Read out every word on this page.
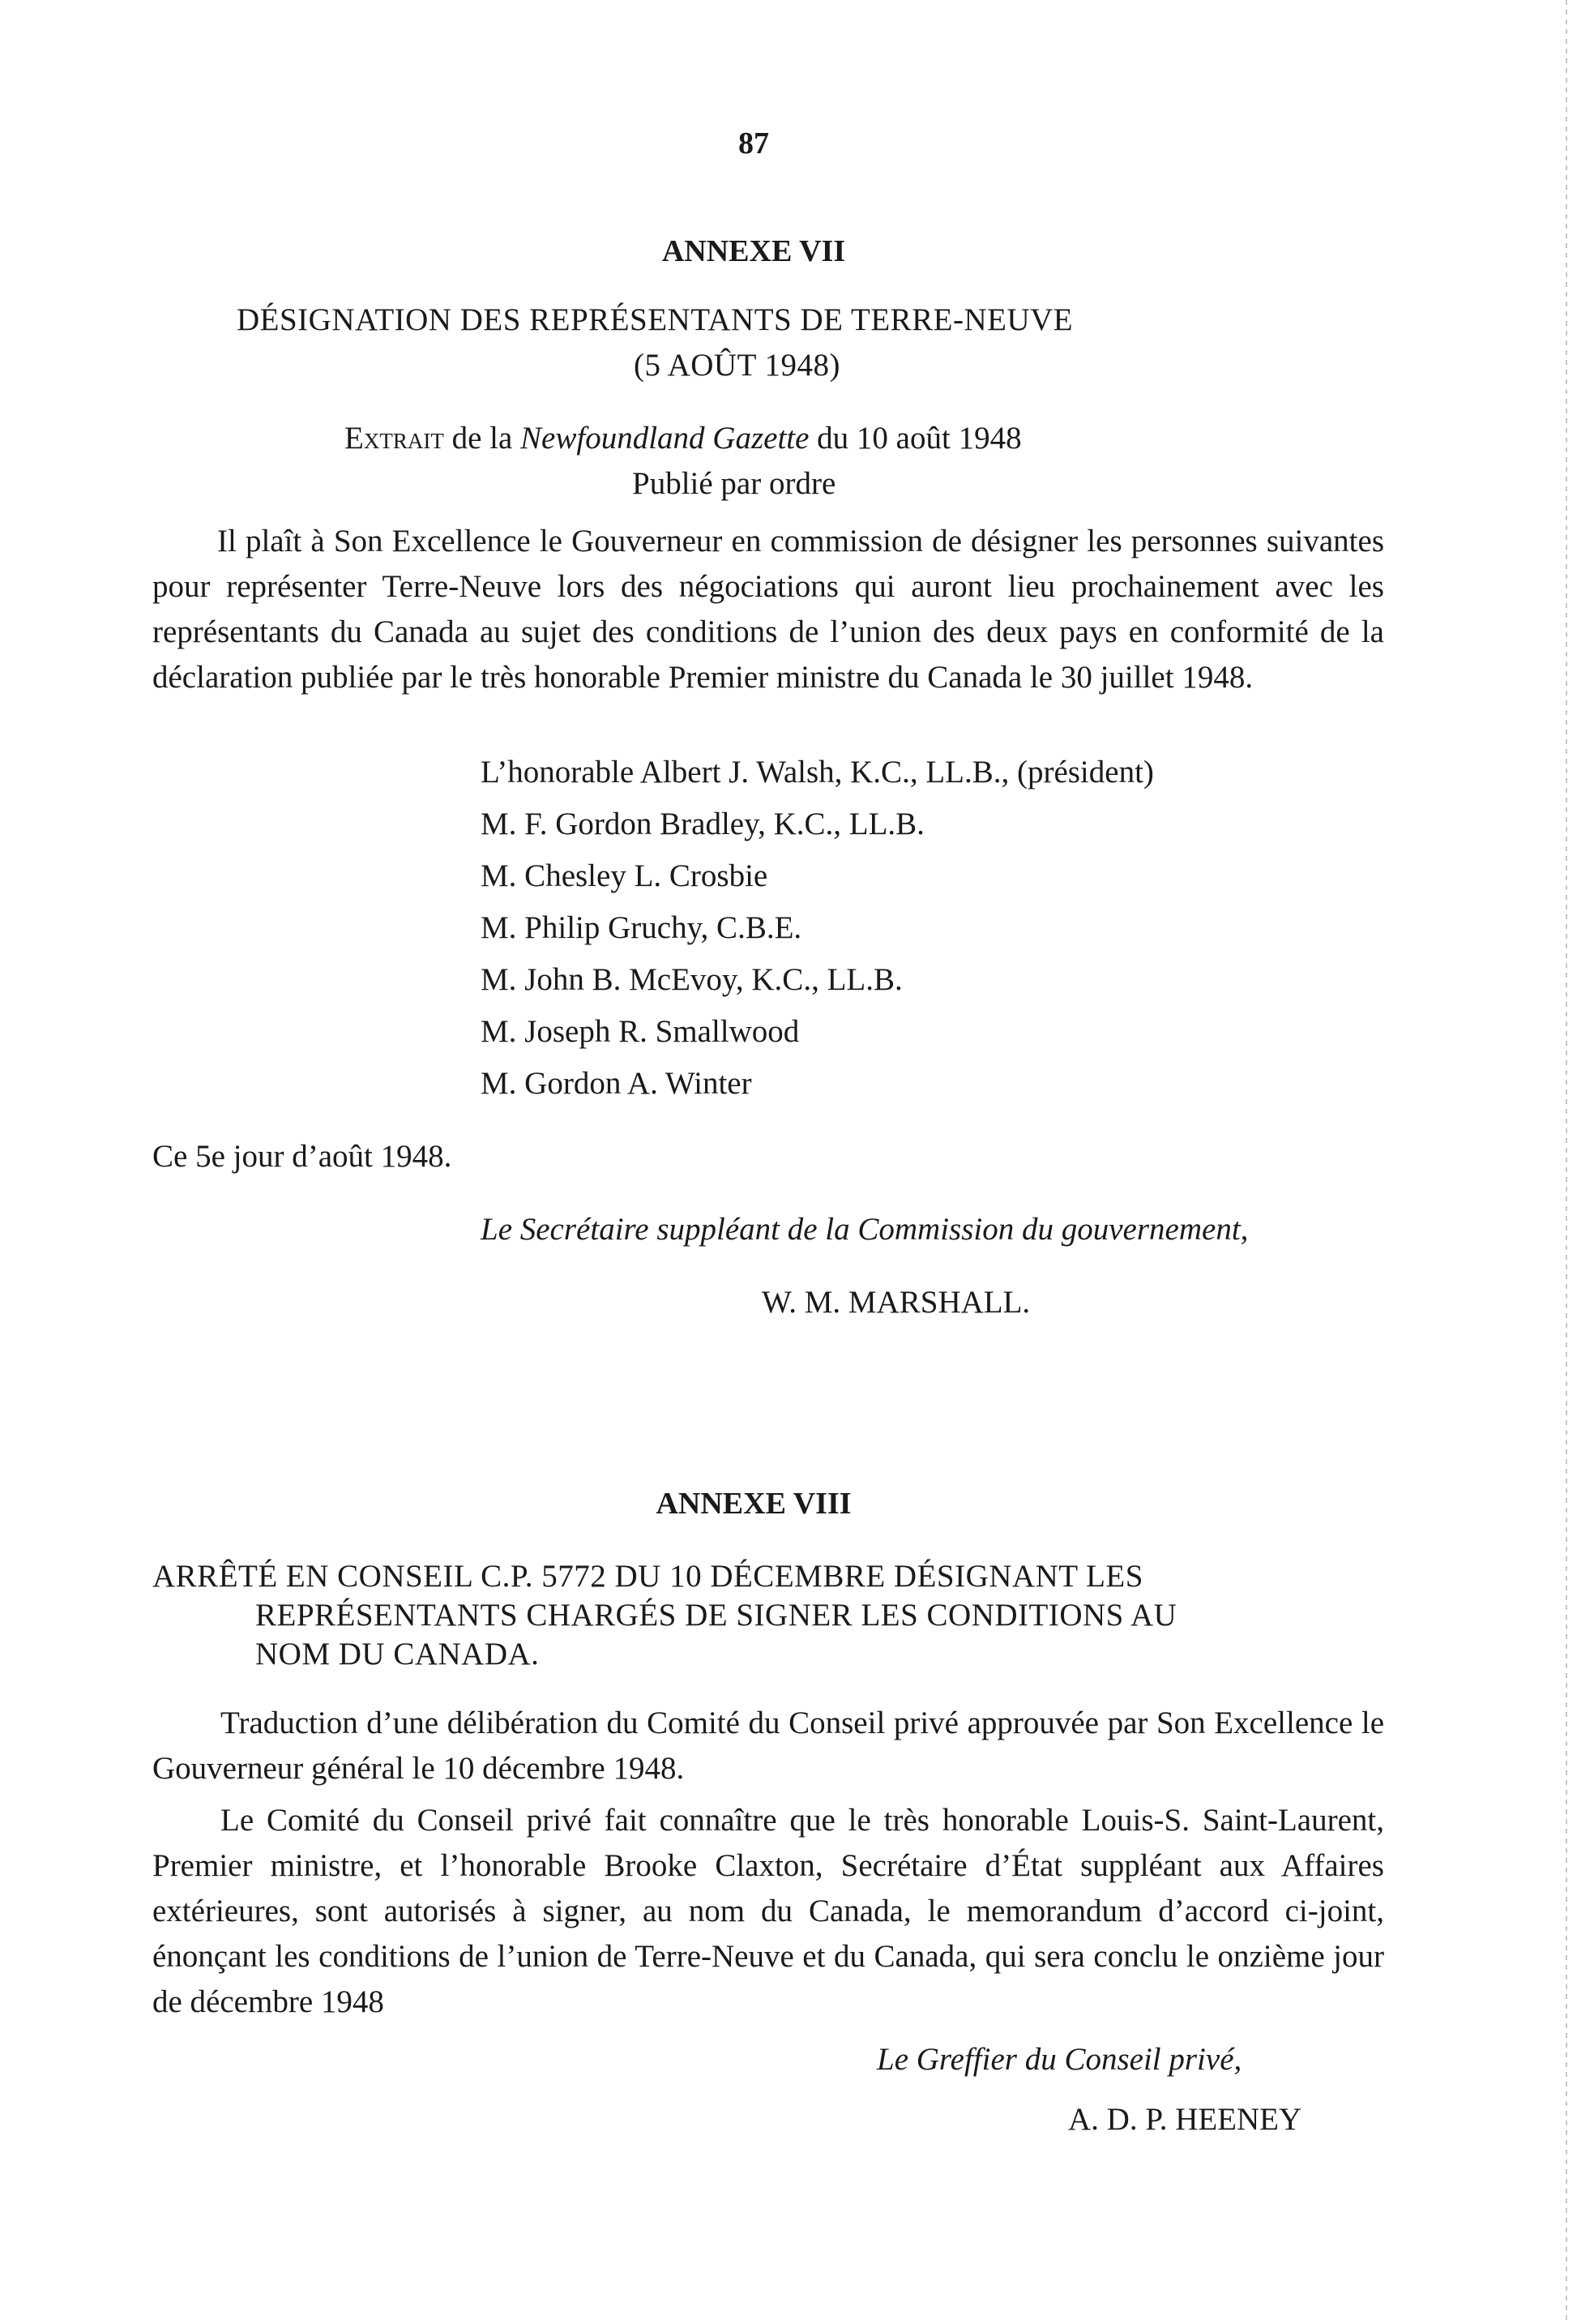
87
ANNEXE VII
DÉSIGNATION DES REPRÉSENTANTS DE TERRE-NEUVE
(5 AOÛT 1948)
Extrait de la Newfoundland Gazette du 10 août 1948
Publié par ordre
Il plaît à Son Excellence le Gouverneur en commission de désigner les personnes suivantes pour représenter Terre-Neuve lors des négociations qui auront lieu prochainement avec les représentants du Canada au sujet des conditions de l’union des deux pays en conformité de la déclaration publiée par le très honorable Premier ministre du Canada le 30 juillet 1948.
L’honorable Albert J. Walsh, K.C., LL.B., (président)
M. F. Gordon Bradley, K.C., LL.B.
M. Chesley L. Crosbie
M. Philip Gruchy, C.B.E.
M. John B. McEvoy, K.C., LL.B.
M. Joseph R. Smallwood
M. Gordon A. Winter
Ce 5e jour d’août 1948.
Le Secrétaire suppléant de la Commission du gouvernement,
W. M. MARSHALL.
ANNEXE VIII
ARRÊTÉ EN CONSEIL C.P. 5772 DU 10 DÉCEMBRE DÉSIGNANT LES
REPRÉSENTANTS CHARGÉS DE SIGNER LES CONDITIONS AU
NOM DU CANADA.
Traduction d’une délibération du Comité du Conseil privé approuvée par Son Excellence le Gouverneur général le 10 décembre 1948.
Le Comité du Conseil privé fait connaître que le très honorable Louis-S. Saint-Laurent, Premier ministre, et l’honorable Brooke Claxton, Secrétaire d’État suppléant aux Affaires extérieures, sont autorisés à signer, au nom du Canada, le memorandum d’accord ci-joint, énonçant les conditions de l’union de Terre-Neuve et du Canada, qui sera conclu le onzième jour de décembre 1948
Le Greffier du Conseil privé,
A. D. P. HEENEY
